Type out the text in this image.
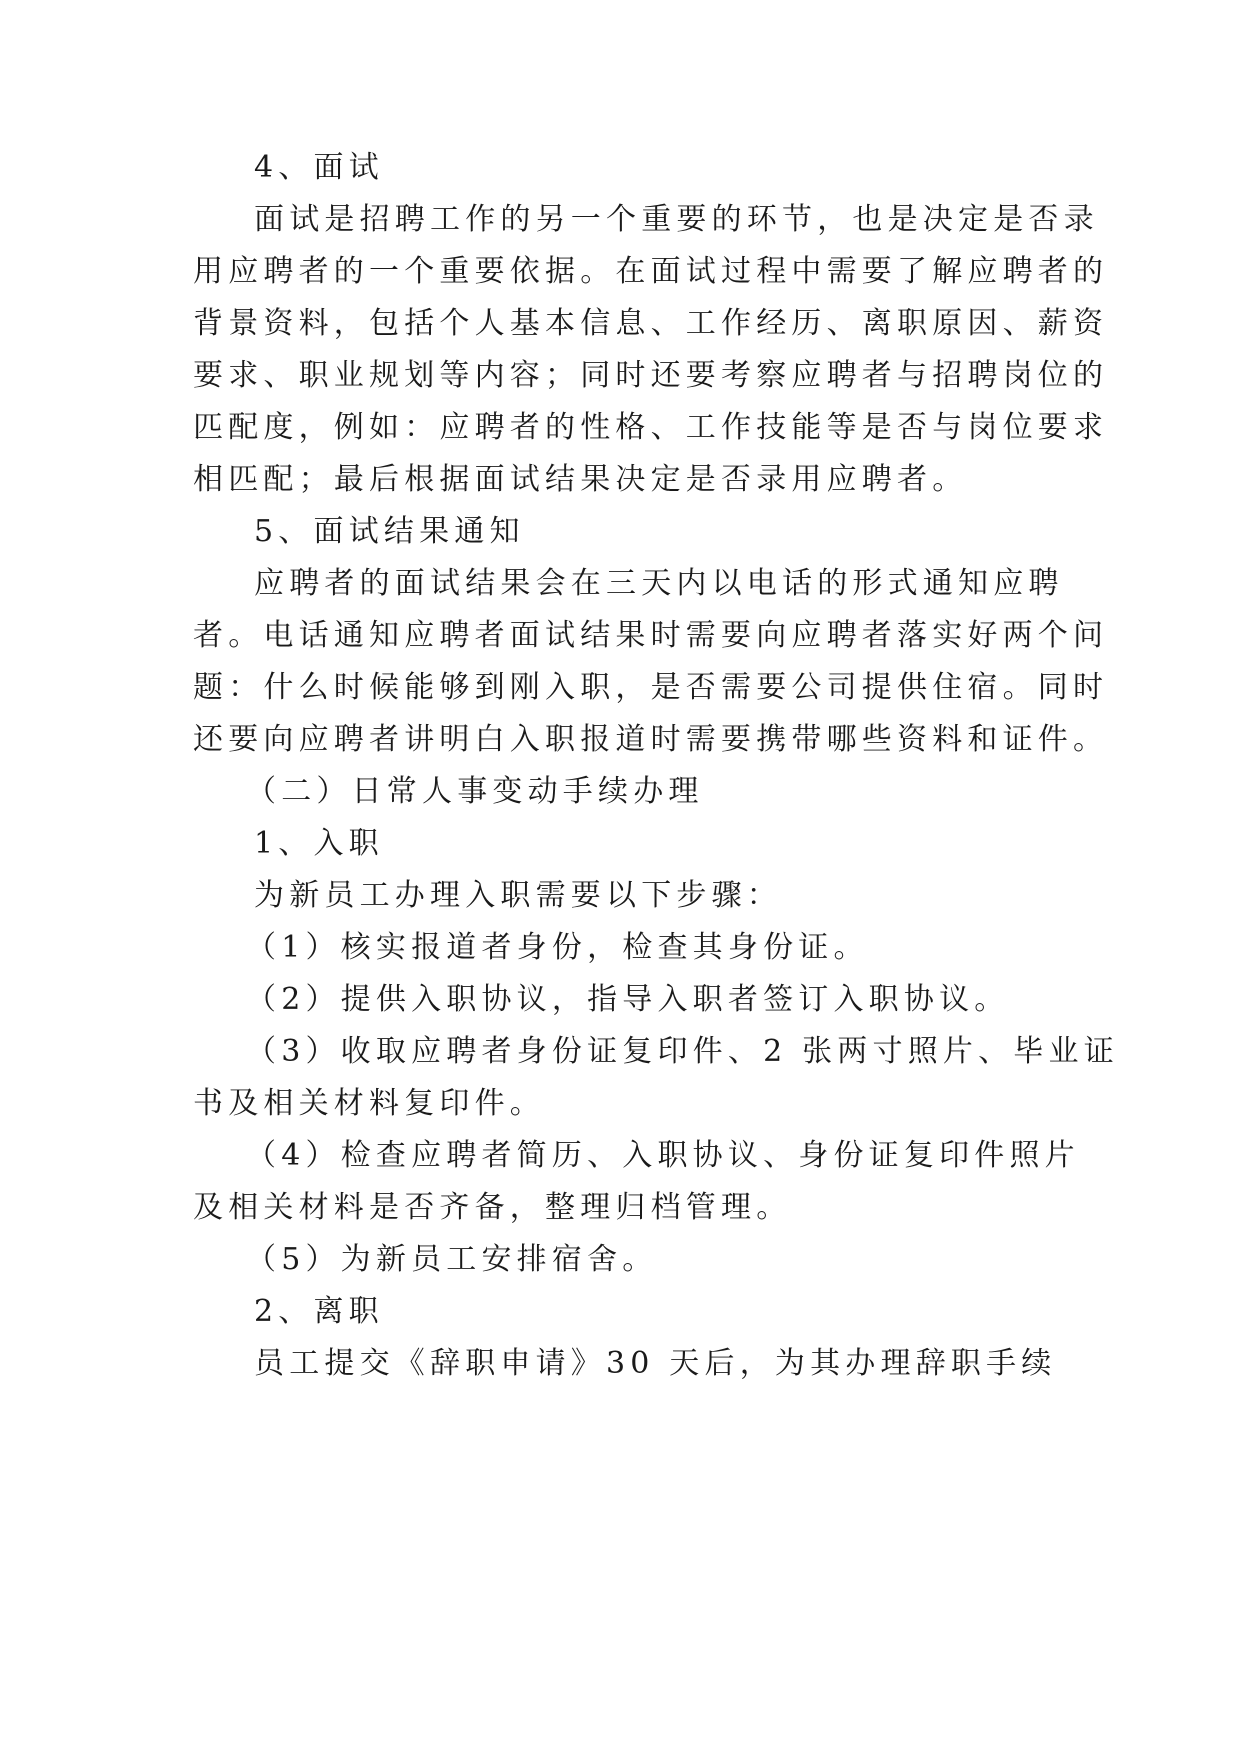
4、面试
面试是招聘工作的另一个重要的环节，也是决定是否录
用应聘者的一个重要依据。在面试过程中需要了解应聘者的
背景资料，包括个人基本信息、工作经历、离职原因、薪资
要求、职业规划等内容；同时还要考察应聘者与招聘岗位的
匹配度，例如：应聘者的性格、工作技能等是否与岗位要求
相匹配；最后根据面试结果决定是否录用应聘者。
5、面试结果通知
应聘者的面试结果会在三天内以电话的形式通知应聘
者。电话通知应聘者面试结果时需要向应聘者落实好两个问
题：什么时候能够到刚入职，是否需要公司提供住宿。同时
还要向应聘者讲明白入职报道时需要携带哪些资料和证件。
（二）日常人事变动手续办理
1、入职
为新员工办理入职需要以下步骤：
（1）核实报道者身份，检查其身份证。
（2）提供入职协议，指导入职者签订入职协议。
（3）收取应聘者身份证复印件、2 张两寸照片、毕业证
书及相关材料复印件。
（4）检查应聘者简历、入职协议、身份证复印件照片
及相关材料是否齐备，整理归档管理。
（5）为新员工安排宿舍。
2、离职
员工提交《辞职申请》30 天后，为其办理辞职手续
